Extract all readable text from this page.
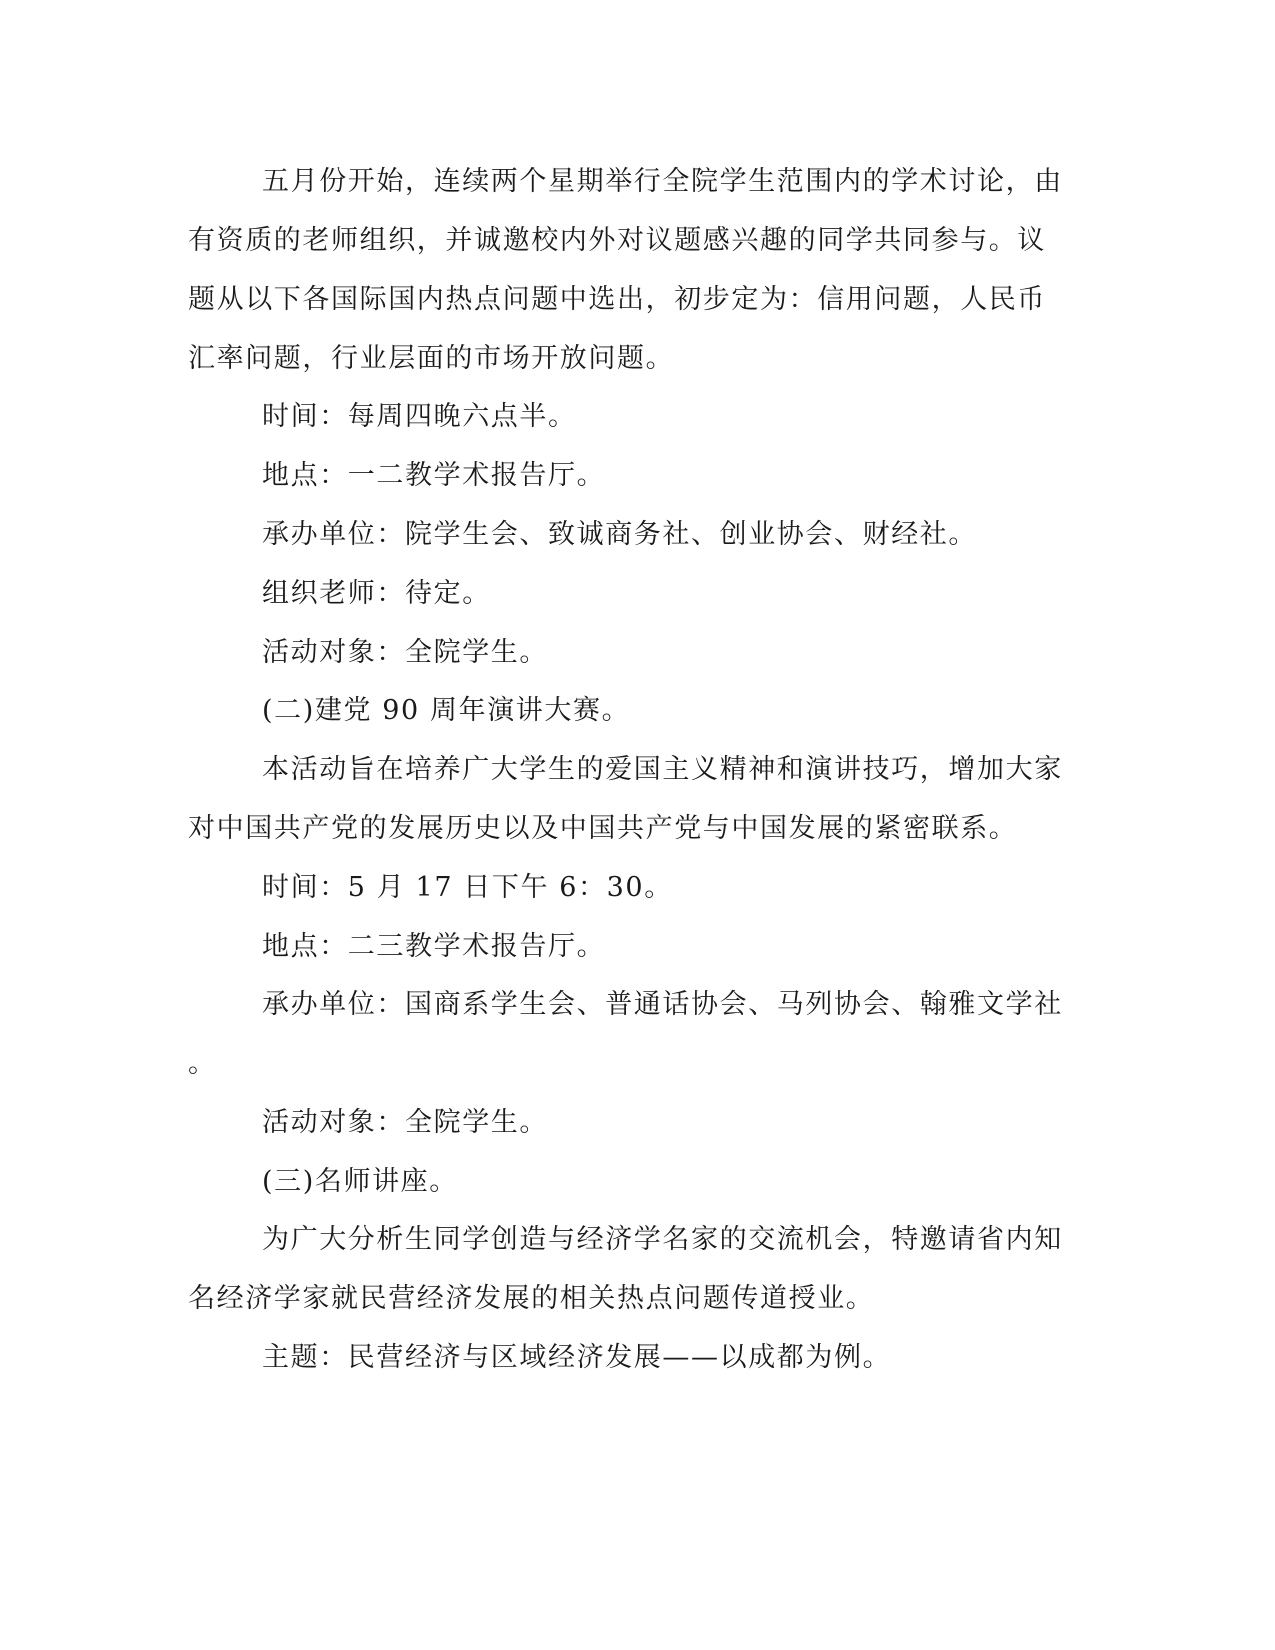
五月份开始，连续两个星期举行全院学生范围内的学术讨论，由

有资质的老师组织，并诚邀校内外对议题感兴趣的同学共同参与。议

题从以下各国际国内热点问题中选出，初步定为：信用问题，人民币

汇率问题，行业层面的市场开放问题。

时间：每周四晚六点半。

地点：一二教学术报告厅。

承办单位：院学生会、致诚商务社、创业协会、财经社。

组织老师：待定。

活动对象：全院学生。

(二)建党 90 周年演讲大赛。

本活动旨在培养广大学生的爱国主义精神和演讲技巧，增加大家

对中国共产党的发展历史以及中国共产党与中国发展的紧密联系。

时间：5 月 17 日下午 6：30。

地点：二三教学术报告厅。

承办单位：国商系学生会、普通话协会、马列协会、翰雅文学社

。

活动对象：全院学生。

(三)名师讲座。

为广大分析生同学创造与经济学名家的交流机会，特邀请省内知

名经济学家就民营经济发展的相关热点问题传道授业。

主题：民营经济与区域经济发展——以成都为例。
